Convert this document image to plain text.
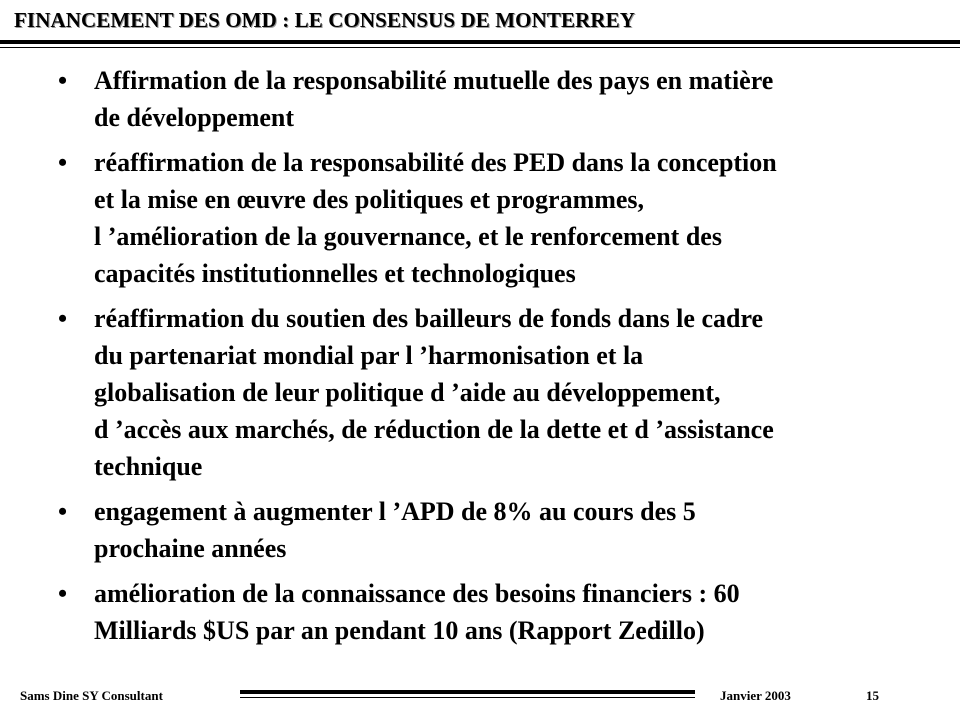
FINANCEMENT DES OMD : LE CONSENSUS DE MONTERREY
• Affirmation de la responsabilité mutuelle des pays en matière
de développement
• réaffirmation de la responsabilité des PED dans la conception
et la mise en œuvre des politiques et programmes,
l ’amélioration de la gouvernance, et le renforcement des
capacités institutionnelles et technologiques
• réaffirmation du soutien des bailleurs de fonds dans le cadre
du partenariat mondial par l ’harmonisation et la
globalisation de leur politique d ’aide au développement,
d ’accès aux marchés, de réduction de la dette et d ’assistance
technique
• engagement à augmenter l ’APD de 8% au cours des 5
prochaine années
• amélioration de la connaissance des besoins financiers : 60
Milliards $US par an pendant 10 ans (Rapport Zedillo)
Sams Dine SY Consultant	Janvier 2003	15
